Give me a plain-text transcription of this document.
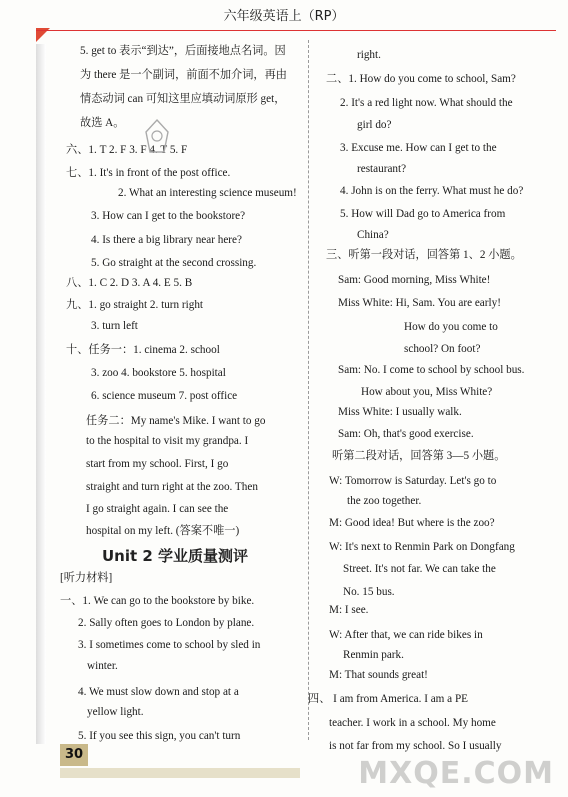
六年级英语上（RP）
5. get to 表示“到达”，后面接地点名词。因
为 there 是一个副词，前面不加介词，再由
情态动词 can 可知这里应填动词原形 get，
故选 A。
六、1. T 2. F 3. F 4. T 5. F
七、1. It's in front of the post office.
2. What an interesting science museum!
3. How can I get to the bookstore?
4. Is there a big library near here?
5. Go straight at the second crossing.
八、1. C 2. D 3. A 4. E 5. B
九、1. go straight 2. turn right
3. turn left
十、任务一：1. cinema 2. school
3. zoo 4. bookstore 5. hospital
6. science museum 7. post office
任务二：My name's Mike. I want to go
to the hospital to visit my grandpa. I
start from my school. First, I go
straight and turn right at the zoo. Then
I go straight again. I can see the
hospital on my left. (答案不唯一)
[听力材料]
一、1. We can go to the bookstore by bike.
2. Sally often goes to London by plane.
3. I sometimes come to school by sled in
winter.
4. We must slow down and stop at a
yellow light.
5. If you see this sign, you can't turn
Unit 2 学业质量测评
right.
二、1. How do you come to school, Sam?
2. It's a red light now. What should the
girl do?
3. Excuse me. How can I get to the
restaurant?
4. John is on the ferry. What must he do?
5. How will Dad go to America from
China?
三、听第一段对话，回答第 1、2 小题。
Sam: Good morning, Miss White!
Miss White: Hi, Sam. You are early!
How do you come to
school? On foot?
Sam: No. I come to school by school bus.
How about you, Miss White?
Miss White: I usually walk.
Sam: Oh, that's good exercise.
听第二段对话，回答第 3—5 小题。
W: Tomorrow is Saturday. Let's go to
the zoo together.
M: Good idea! But where is the zoo?
W: It's next to Renmin Park on Dongfang
Street. It's not far. We can take the
No. 15 bus.
M: I see.
W: After that, we can ride bikes in
Renmin park.
M: That sounds great!
四、 I am from America. I am a PE
teacher. I work in a school. My home
is not far from my school. So I usually
30
MXQE.COM
